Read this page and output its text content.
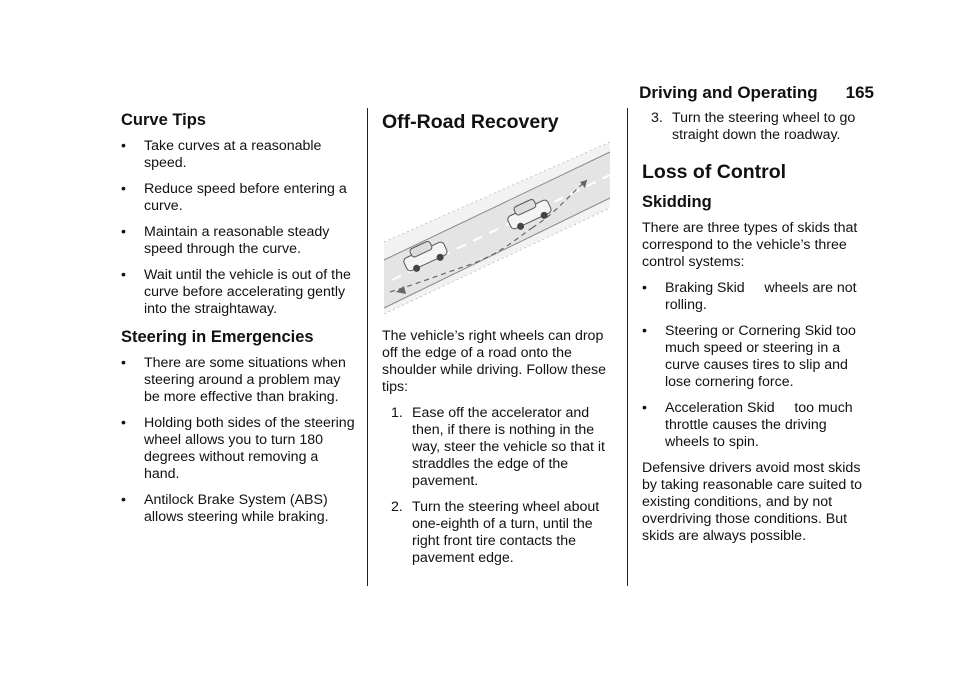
Driving and Operating 165
Curve Tips
• Take curves at a reasonable speed.
• Reduce speed before entering a curve.
• Maintain a reasonable steady speed through the curve.
• Wait until the vehicle is out of the curve before accelerating gently into the straightaway.
Steering in Emergencies
• There are some situations when steering around a problem may be more effective than braking.
• Holding both sides of the steering wheel allows you to turn 180 degrees without removing a hand.
• Antilock Brake System (ABS) allows steering while braking.
Off-Road Recovery

The vehicle’s right wheels can drop off the edge of a road onto the shoulder while driving. Follow these tips:

1. Ease off the accelerator and then, if there is nothing in the way, steer the vehicle so that it straddles the edge of the pavement.
2. Turn the steering wheel about one-eighth of a turn, until the right front tire contacts the pavement edge.
3. Turn the steering wheel to go straight down the roadway.
Loss of Control
Skidding

There are three types of skids that correspond to the vehicle’s three control systems:

• Braking Skid     wheels are not rolling.
• Steering or Cornering Skid too much speed or steering in a curve causes tires to slip and lose cornering force.
• Acceleration Skid     too much throttle causes the driving wheels to spin.

Defensive drivers avoid most skids by taking reasonable care suited to existing conditions, and by not overdriving those conditions. But skids are always possible.
